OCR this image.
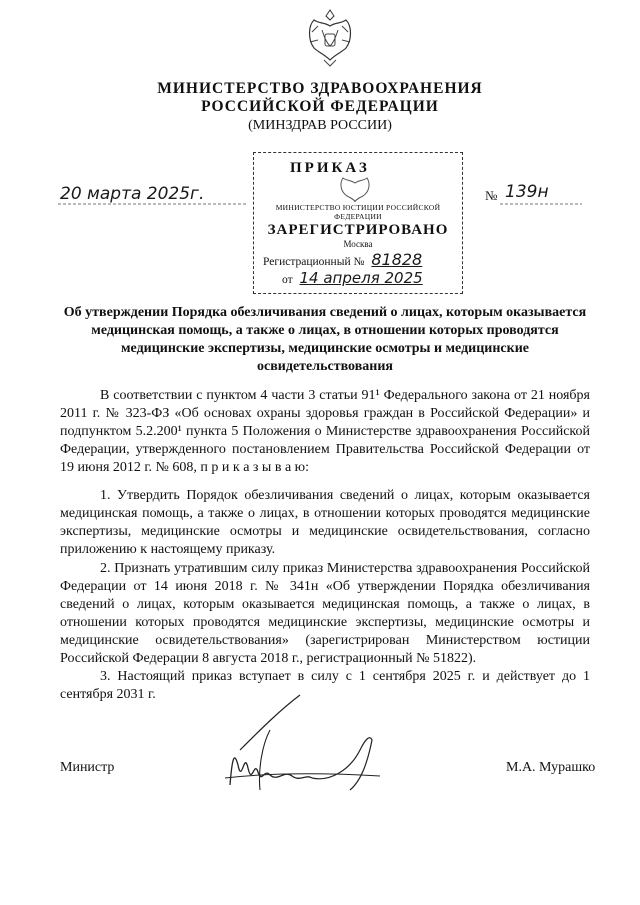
МИНИСТЕРСТВО ЗДРАВООХРАНЕНИЯ
РОССИЙСКОЙ ФЕДЕРАЦИИ
(МИНЗДРАВ РОССИИ)
20 марта 2025г.	№ 139н
ПРИКАЗ
МИНИСТЕРСТВО ЮСТИЦИИ РОССИЙСКОЙ ФЕДЕРАЦИИ
ЗАРЕГИСТРИРОВАНО
Москва
Регистрационный № 81828
от 14 апреля 2025
Об утверждении Порядка обезличивания сведений о лицах, которым оказывается медицинская помощь, а также о лицах, в отношении которых проводятся медицинские экспертизы, медицинские осмотры и медицинские освидетельствования

В соответствии с пунктом 4 части 3 статьи 91¹ Федерального закона от 21 ноября 2011 г. № 323-ФЗ «Об основах охраны здоровья граждан в Российской Федерации» и подпунктом 5.2.200¹ пункта 5 Положения о Министерстве здравоохранения Российской Федерации, утвержденного постановлением Правительства Российской Федерации от 19 июня 2012 г. № 608, п р и к а з ы в а ю:

1. Утвердить Порядок обезличивания сведений о лицах, которым оказывается медицинская помощь, а также о лицах, в отношении которых проводятся медицинские экспертизы, медицинские осмотры и медицинские освидетельствования, согласно приложению к настоящему приказу.

2. Признать утратившим силу приказ Министерства здравоохранения Российской Федерации от 14 июня 2018 г. № 341н «Об утверждении Порядка обезличивания сведений о лицах, которым оказывается медицинская помощь, а также о лицах, в отношении которых проводятся медицинские экспертизы, медицинские осмотры и медицинские освидетельствования» (зарегистрирован Министерством юстиции Российской Федерации 8 августа 2018 г., регистрационный № 51822).

3. Настоящий приказ вступает в силу с 1 сентября 2025 г. и действует до 1 сентября 2031 г.

Министр	М.А. Мурашко
